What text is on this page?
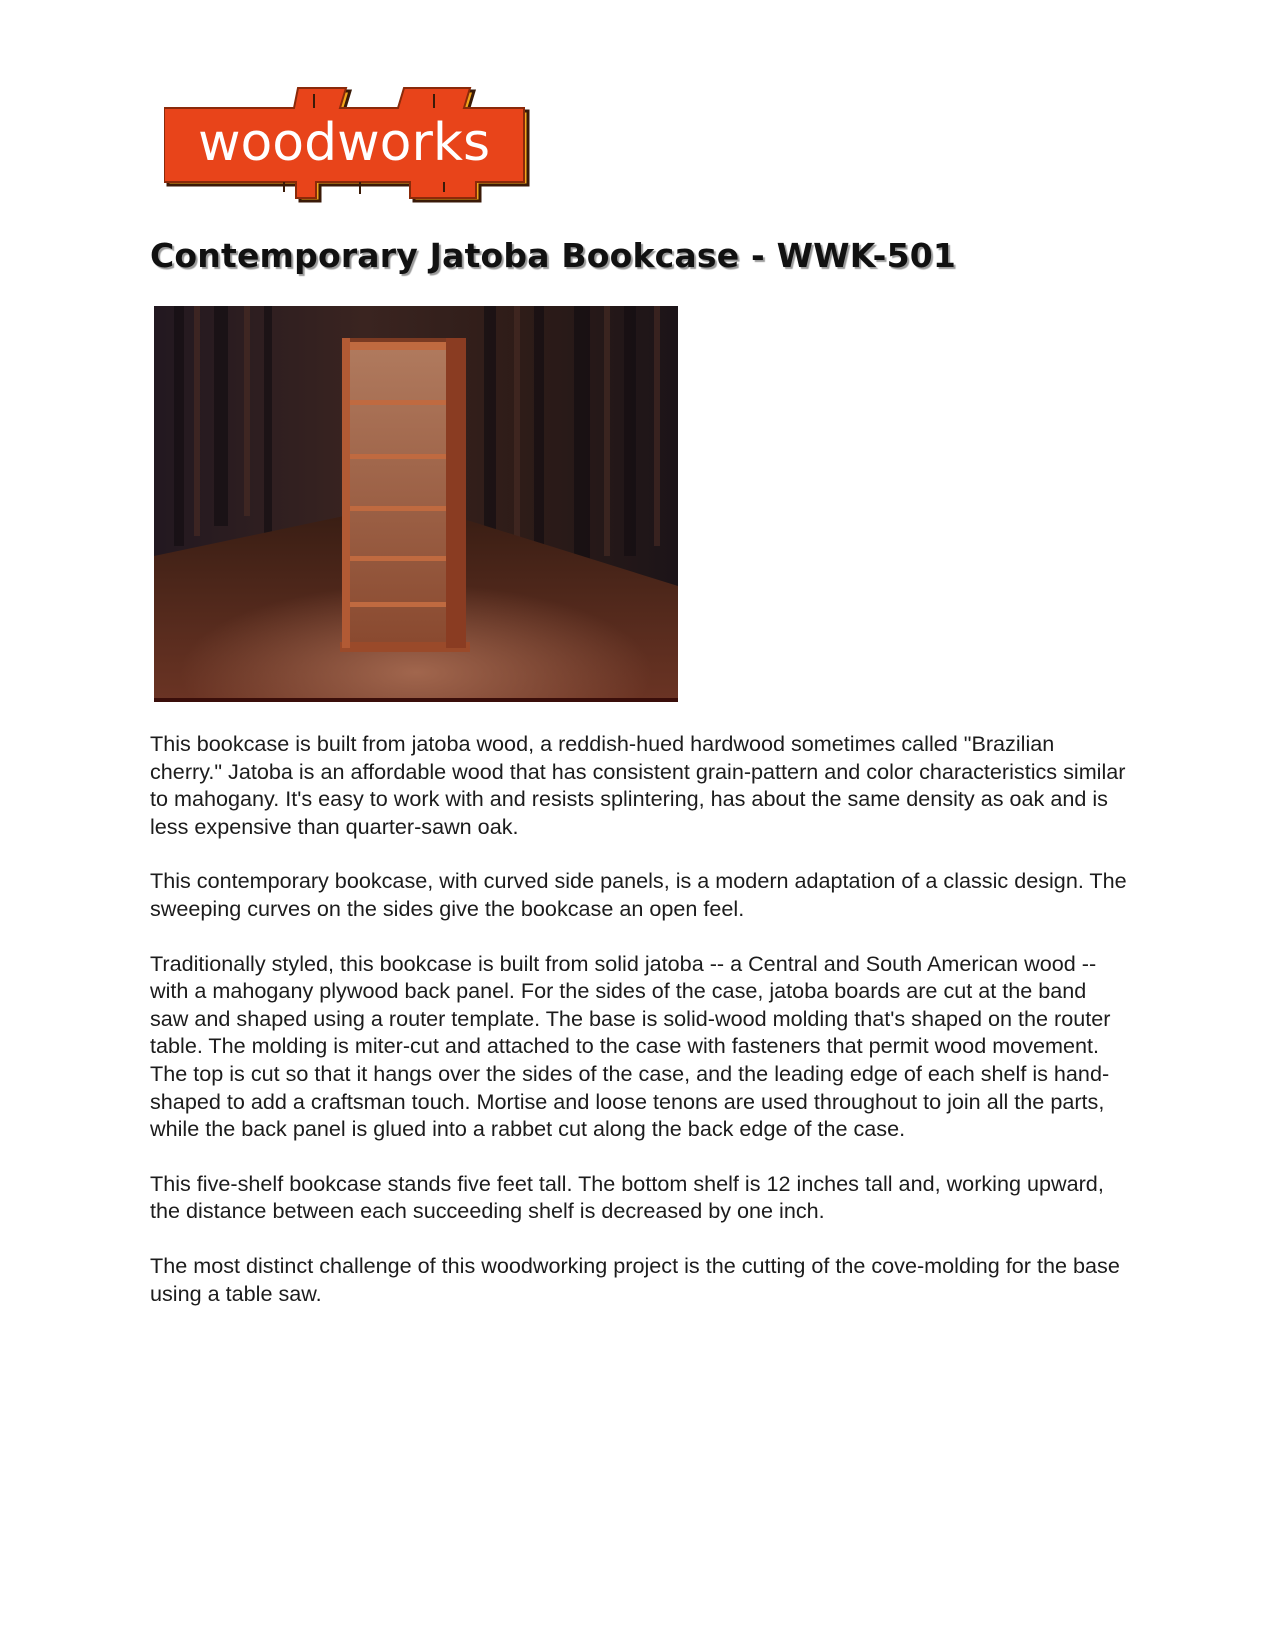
woodworks
Contemporary Jatoba Bookcase - WWK-501

This bookcase is built from jatoba wood, a reddish-hued hardwood sometimes called "Brazilian cherry." Jatoba is an affordable wood that has consistent grain-pattern and color characteristics similar to mahogany. It's easy to work with and resists splintering, has about the same density as oak and is less expensive than quarter-sawn oak.

This contemporary bookcase, with curved side panels, is a modern adaptation of a classic design. The sweeping curves on the sides give the bookcase an open feel.

Traditionally styled, this bookcase is built from solid jatoba -- a Central and South American wood -- with a mahogany plywood back panel. For the sides of the case, jatoba boards are cut at the band saw and shaped using a router template. The base is solid-wood molding that's shaped on the router table. The molding is miter-cut and attached to the case with fasteners that permit wood movement. The top is cut so that it hangs over the sides of the case, and the leading edge of each shelf is hand-shaped to add a craftsman touch. Mortise and loose tenons are used throughout to join all the parts, while the back panel is glued into a rabbet cut along the back edge of the case.

This five-shelf bookcase stands five feet tall. The bottom shelf is 12 inches tall and, working upward, the distance between each succeeding shelf is decreased by one inch.

The most distinct challenge of this woodworking project is the cutting of the cove-molding for the base using a table saw.
